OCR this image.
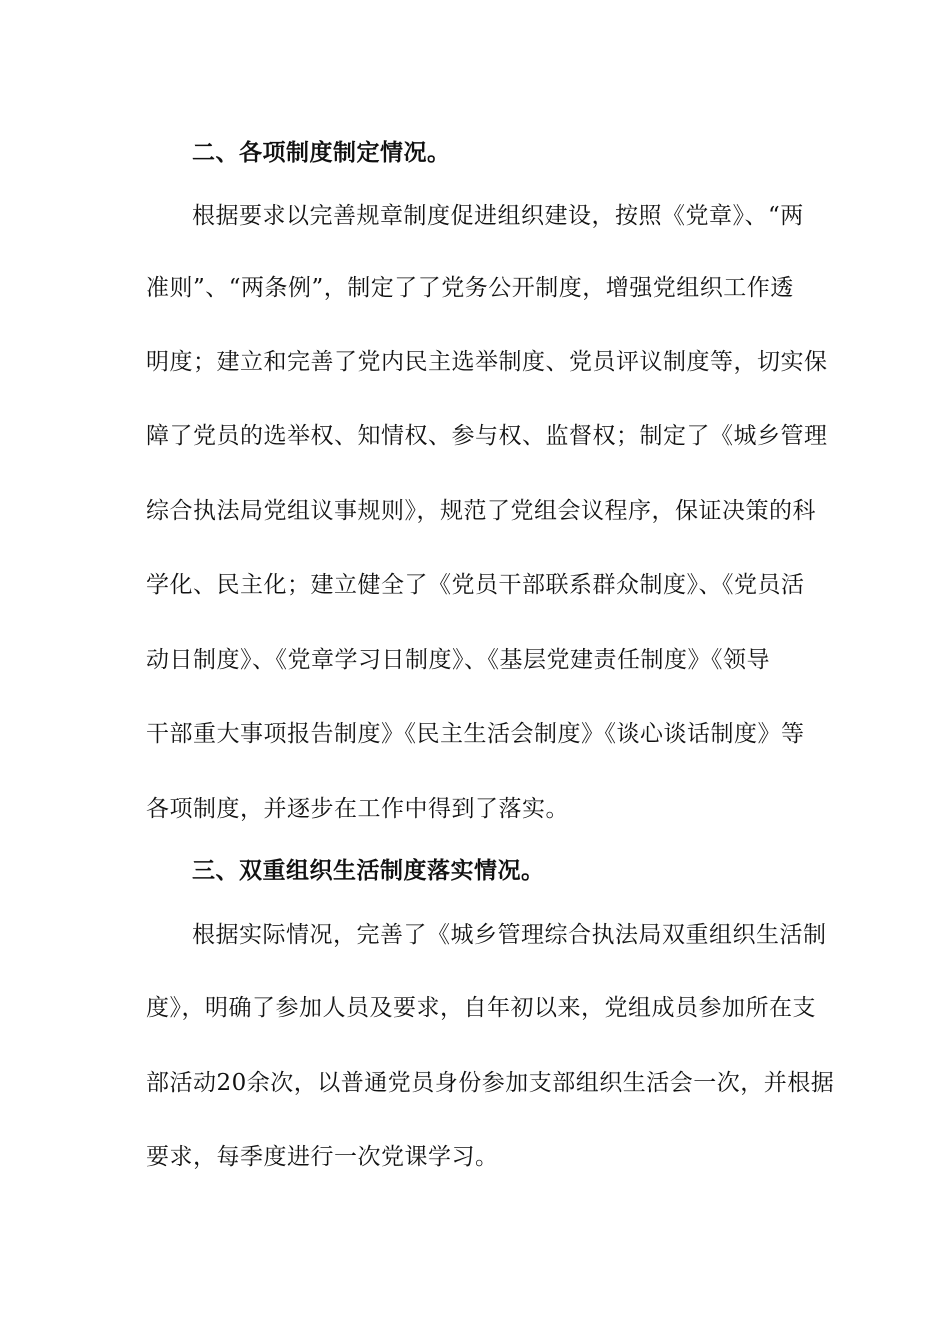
二、各项制度制定情况。
根据要求以完善规章制度促进组织建设，按照《党章》、“两
准则”、“两条例”，制定了了党务公开制度，增强党组织工作透
明度；建立和完善了党内民主选举制度、党员评议制度等，切实保
障了党员的选举权、知情权、参与权、监督权；制定了《城乡管理
综合执法局党组议事规则》，规范了党组会议程序，保证决策的科
学化、民主化；建立健全了《党员干部联系群众制度》、《党员活
动日制度》、《党章学习日制度》、《基层党建责任制度》《领导
干部重大事项报告制度》《民主生活会制度》《谈心谈话制度》等
各项制度，并逐步在工作中得到了落实。
三、双重组织生活制度落实情况。
根据实际情况，完善了《城乡管理综合执法局双重组织生活制
度》，明确了参加人员及要求，自年初以来，党组成员参加所在支
部活动20余次，以普通党员身份参加支部组织生活会一次，并根据
要求，每季度进行一次党课学习。
